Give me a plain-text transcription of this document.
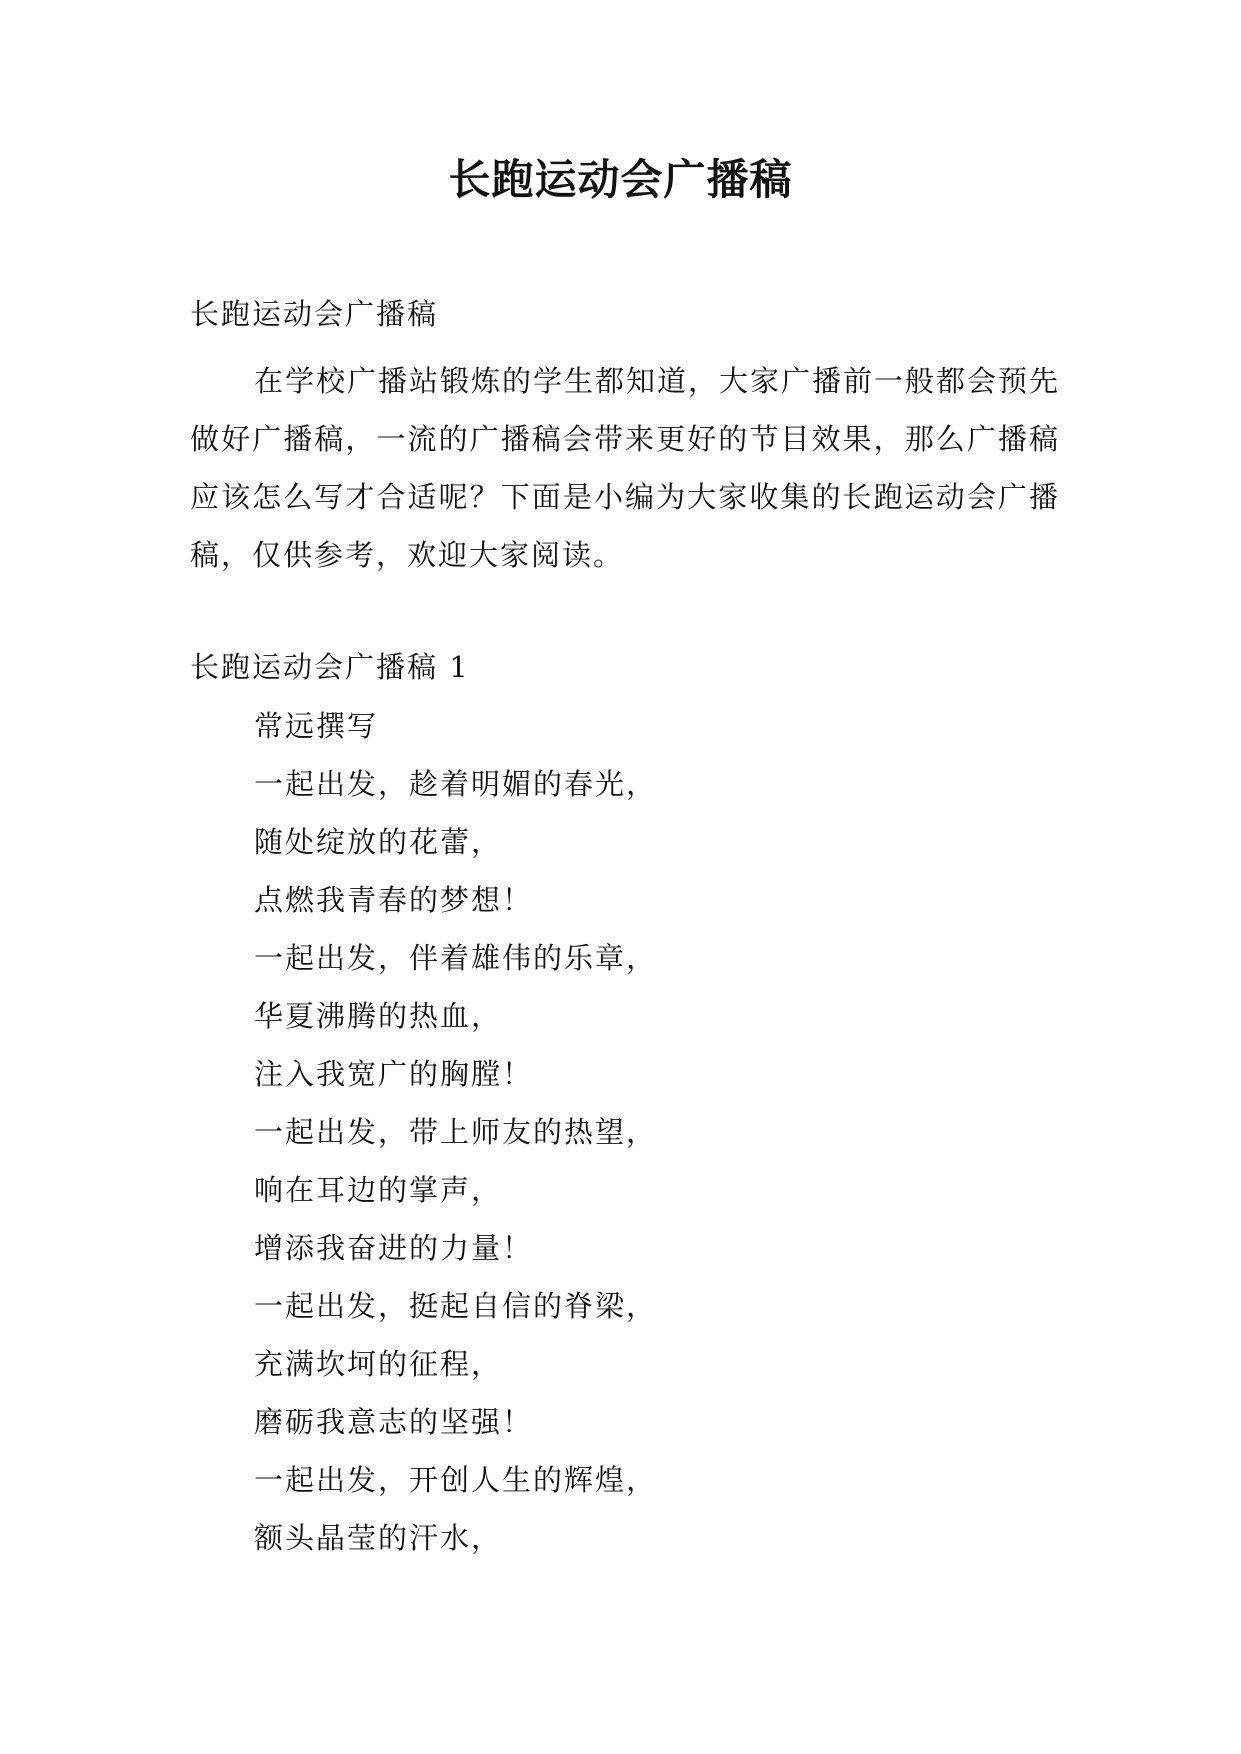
长跑运动会广播稿
长跑运动会广播稿
在学校广播站锻炼的学生都知道，大家广播前一般都会预先做好广播稿，一流的广播稿会带来更好的节目效果，那么广播稿应该怎么写才合适呢？下面是小编为大家收集的长跑运动会广播稿，仅供参考，欢迎大家阅读。
长跑运动会广播稿 1
常远撰写
一起出发，趁着明媚的春光，
随处绽放的花蕾，
点燃我青春的梦想！
一起出发，伴着雄伟的乐章，
华夏沸腾的热血，
注入我宽广的胸膛！
一起出发，带上师友的热望，
响在耳边的掌声，
增添我奋进的力量！
一起出发，挺起自信的脊梁，
充满坎坷的征程，
磨砺我意志的坚强！
一起出发，开创人生的辉煌，
额头晶莹的汗水，
